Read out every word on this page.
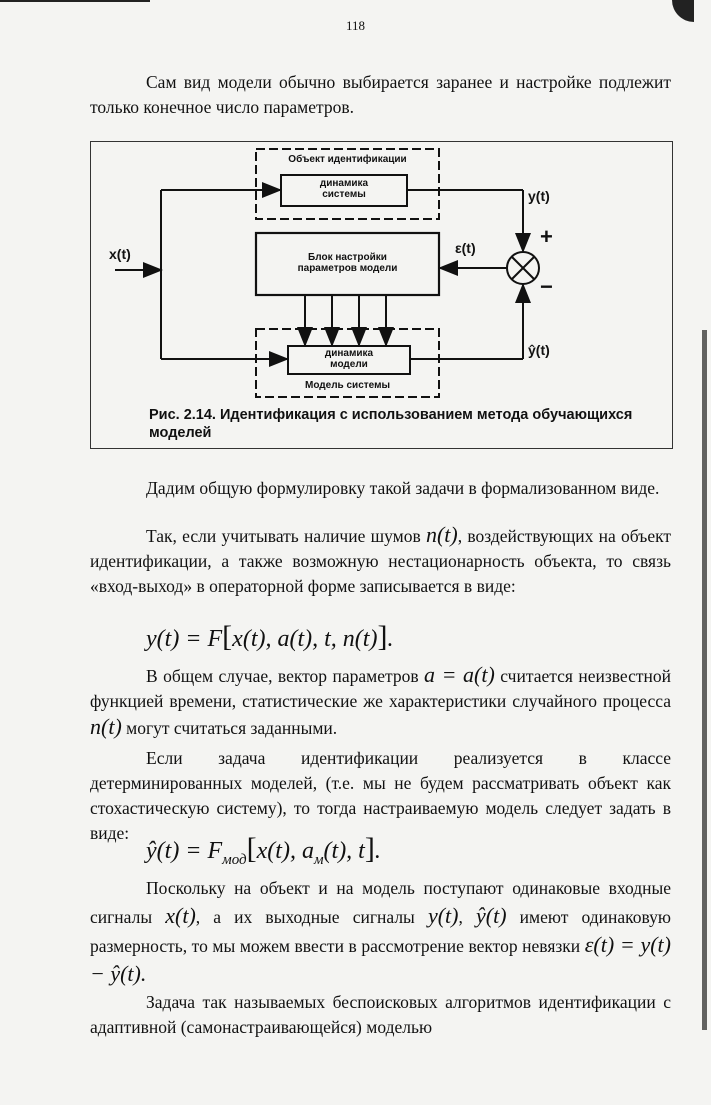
118

Сам вид модели обычно выбирается заранее и настройке подлежит только конечное число параметров.

Объект идентификации
динамика системы
Блок настройки параметров модели
динамика модели
Модель системы
x(t)
y(t)
ε(t)
ŷ(t)
+
−
Рис. 2.14. Идентификация с использованием метода обучающихся моделей

Дадим общую формулировку такой задачи в формализованном виде.

Так, если учитывать наличие шумов n(t), воздействующих на объект идентификации, а также возможную нестационарность объекта, то связь «вход-выход» в операторной форме записывается в виде:

y(t) = F[x(t), a(t), t, n(t)].

В общем случае, вектор параметров a = a(t) считается неизвестной функцией времени, статистические же характеристики случайного процесса n(t) могут считаться заданными.

Если задача идентификации реализуется в классе детерминированных моделей, (т.е. мы не будем рассматривать объект как стохастическую систему), то тогда настраиваемую модель следует задать в виде:

ŷ(t) = $F_{мод}[x(t)$, $a_м(t)$, t].

Поскольку на объект и на модель поступают одинаковые входные сигналы x(t), а их выходные сигналы y(t), ŷ(t) имеют одинаковую размерность, то мы можем ввести в рассмотрение вектор невязки ε(t) = y(t) − ŷ(t).

Задача так называемых беспоисковых алгоритмов идентификации с адаптивной (самонастраивающейся) моделью
